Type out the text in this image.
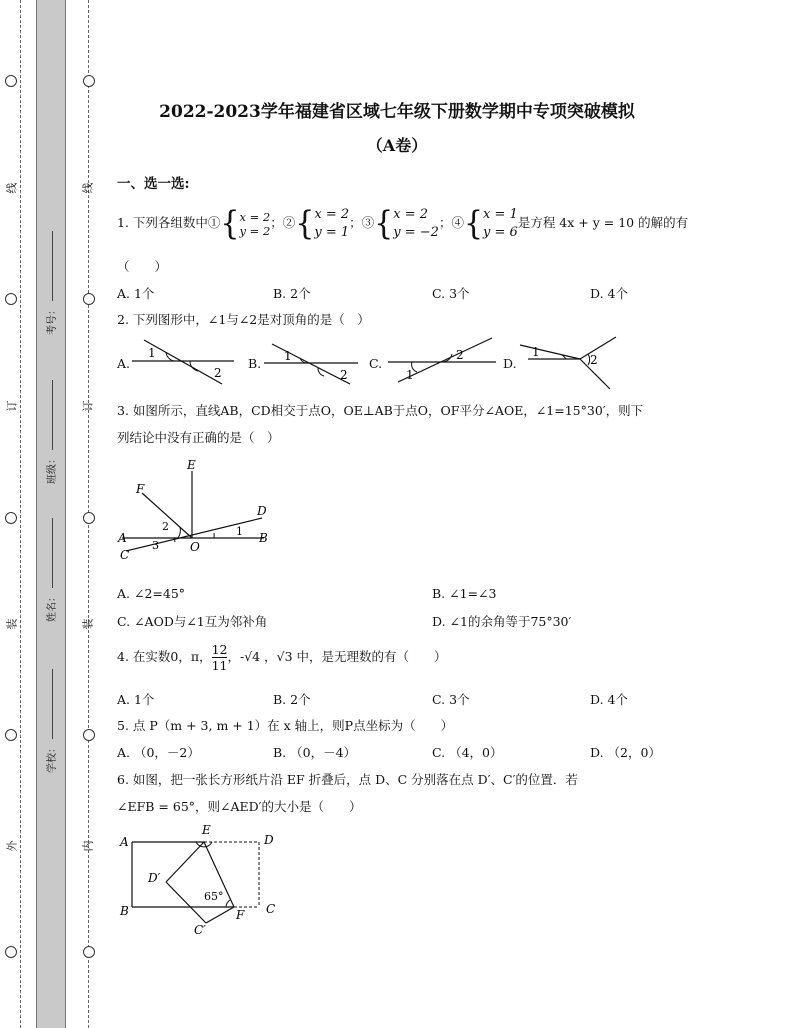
线
订
装
外
线
订
装
内
考号：
班级：
姓名：
学校：
2022-2023学年福建省区域七年级下册数学期中专项突破模拟
（A卷）
一、选一选:
1. 下列各组数中①{ x = 2
y = 2
；②{ x = 2
y = 1
；③{ x = 2
y = −2
；④{ x = 1
y = 6
是方程 4x + y = 10 的解的有
（　　）
A. 1个	B. 2个	C. 3个	D. 4个
2. 下列图形中，∠1与∠2是对顶角的是（　）
A.
1
2
B. 1
2
C.
1
2
D.
1
2
3. 如图所示，直线AB，CD相交于点O，OE⊥AB于点O，OF平分∠AOE，∠1=15°30′，则下
列结论中没有正确的是（　）
E
F
D
A	B
C
O
1
2
3
A. ∠2=45°	B. ∠1=∠3
C. ∠AOD与∠1互为邻补角	D. ∠1的余角等于75°30′
4. 在实数0，π， $\frac{12}{11}$ ，-√4 ，√3 中，是无理数的有（　　）
A. 1个	B. 2个	C. 3个	D. 4个
5. 点 P（m + 3, m + 1）在 x 轴上，则P点坐标为（　　）
A. （0，－2）	B. （0，－4）	C. （4，0）	D. （2，0）
6. 如图，把一张长方形纸片沿 EF 折叠后，点 D、C 分别落在点 D′、C′的位置．若
∠EFB = 65°，则∠AED′的大小是（　　）
A
E
D
D′
B	C
C′
F
65°
